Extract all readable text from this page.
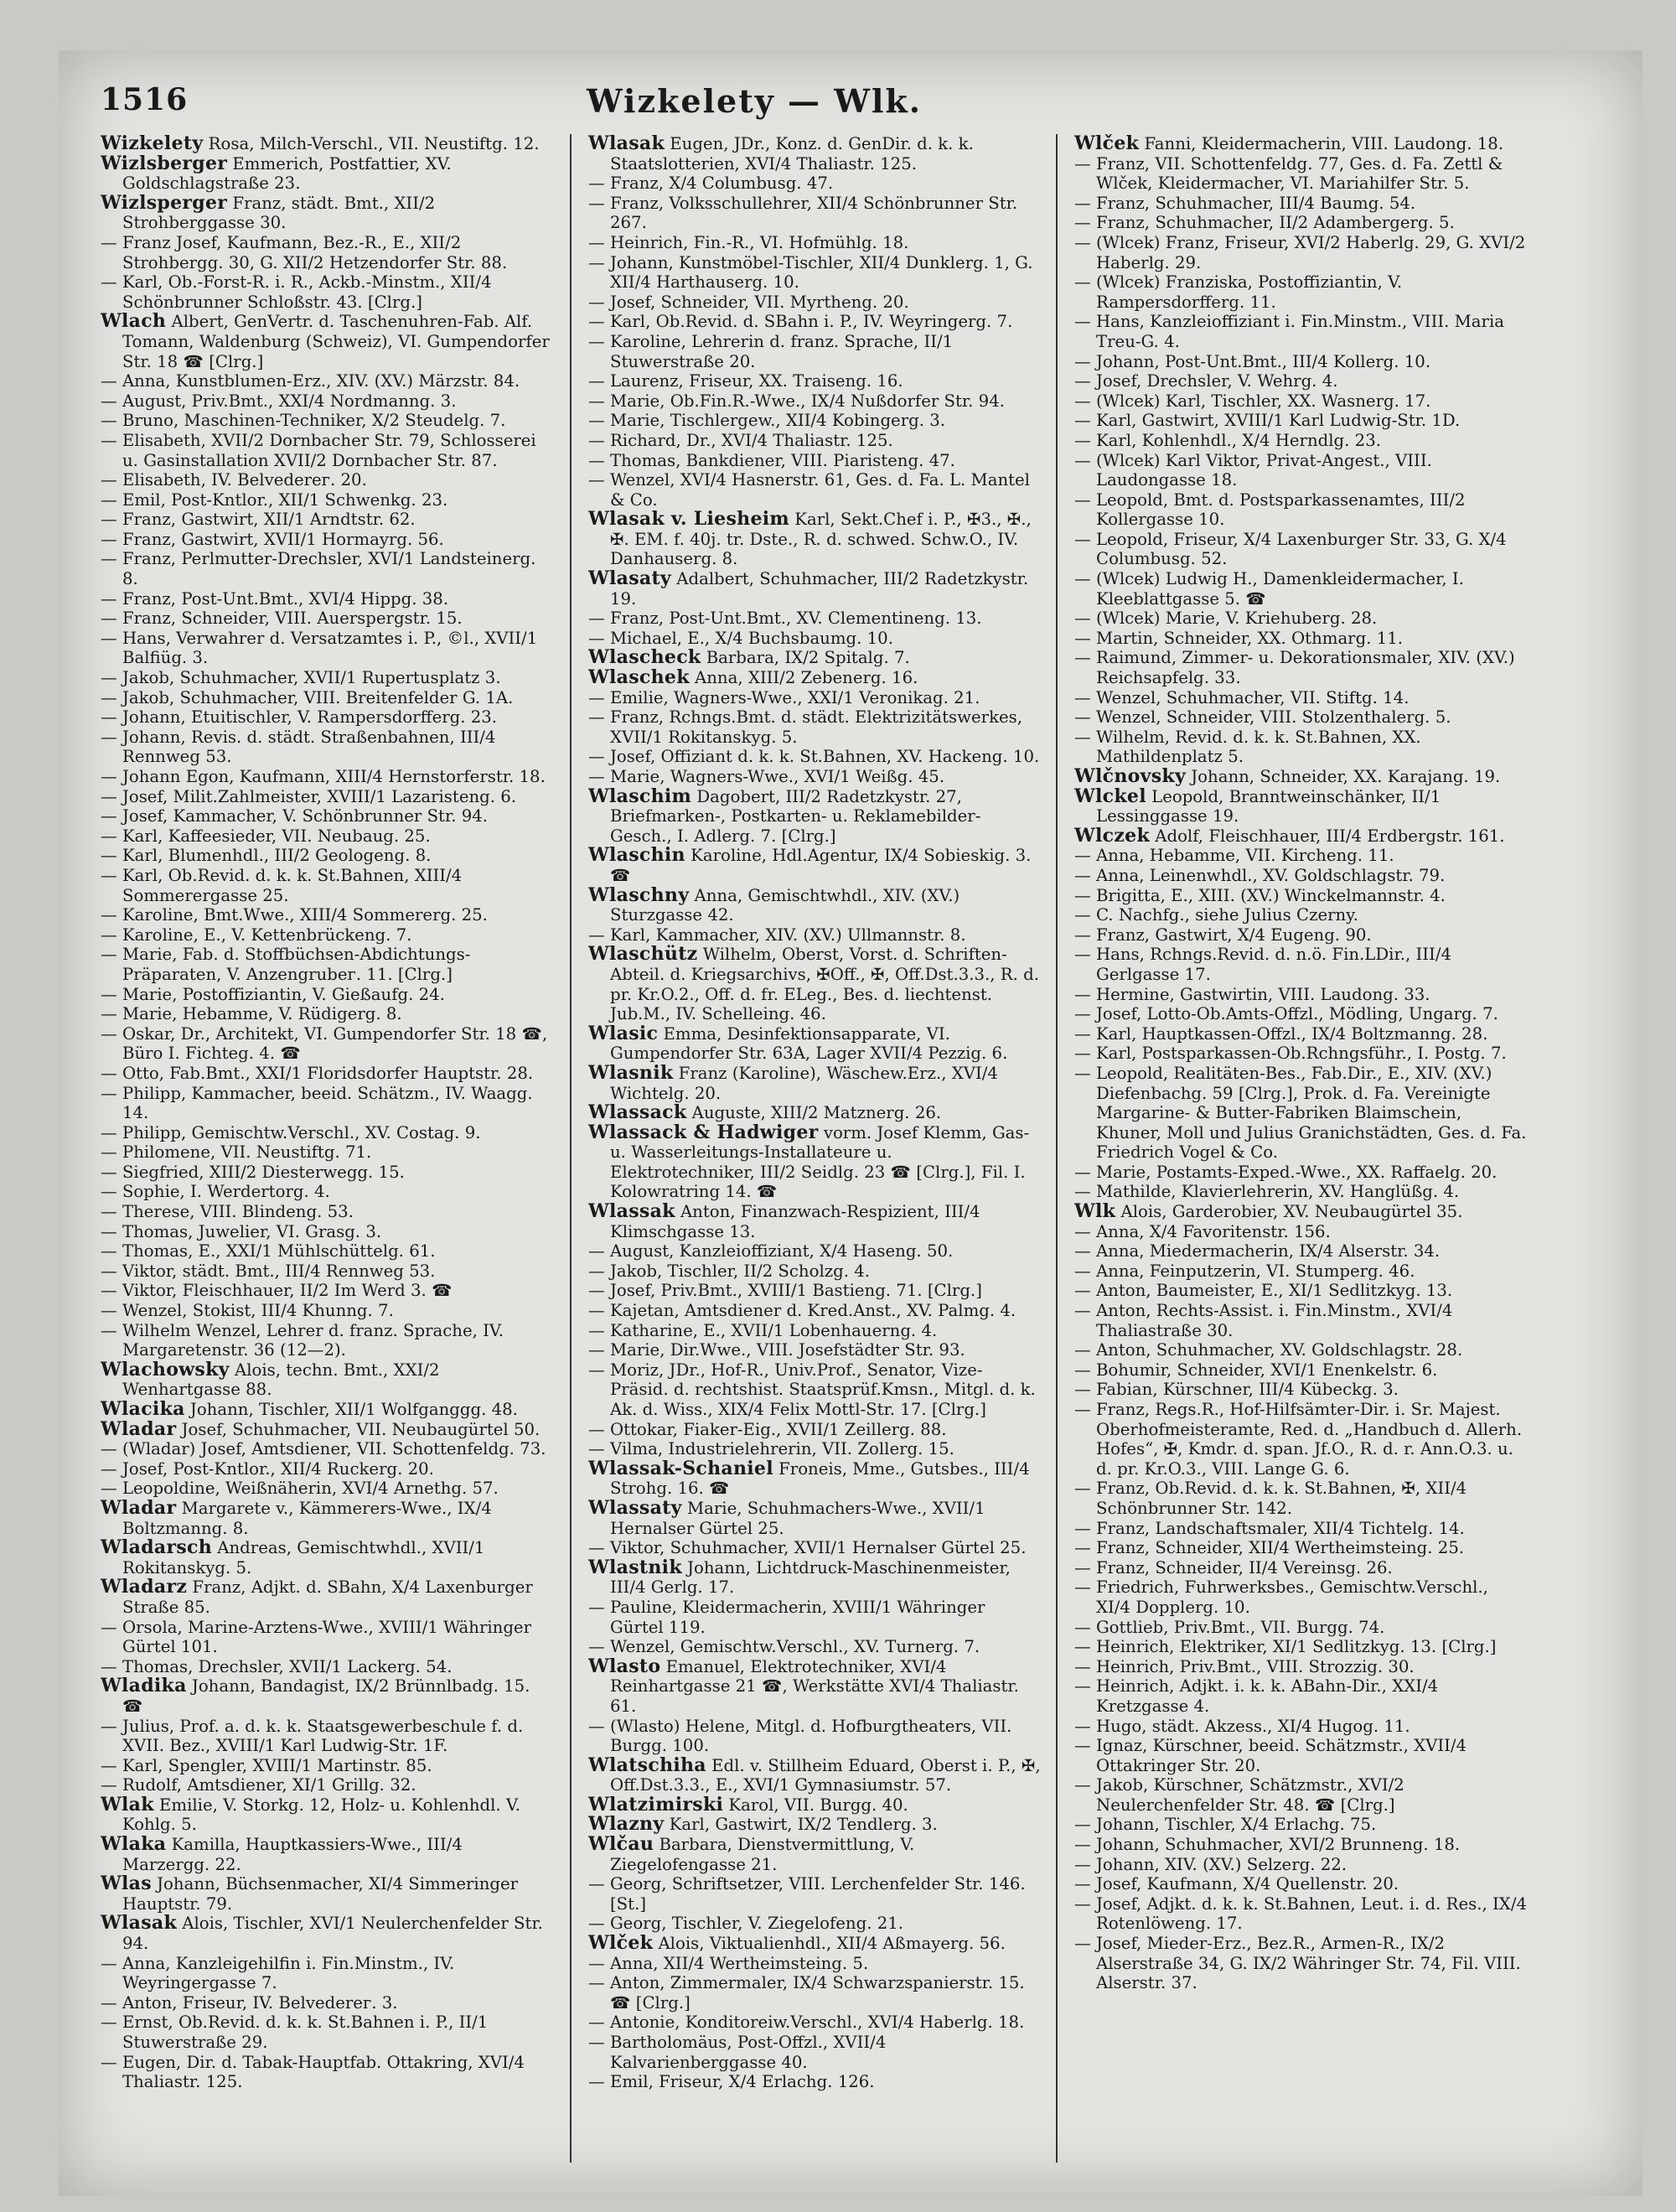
1516	Wizkelety — Wlk.

Wizkelety Rosa, Milch-Verschl., VII. Neustiftg. 12.

Wizlsberger Emmerich, Postfattier, XV. Goldschlagstraße 23.

Wizlsperger Franz, städt. Bmt., XII/2 Strohberggasse 30.

— Franz Josef, Kaufmann, Bez.-R., E., XII/2 Strohbergg. 30, G. XII/2 Hetzendorfer Str. 88.

— Karl, Ob.-Forst-R. i. R., Ackb.-Minstm., XII/4 Schönbrunner Schloßstr. 43. [Clrg.]

Wlach Albert, GenVertr. d. Taschenuhren-Fab. Alf. Tomann, Waldenburg (Schweiz), VI. Gumpendorfer Str. 18 ☎ [Clrg.]

— Anna, Kunstblumen-Erz., XIV. (XV.) Märzstr. 84.

— August, Priv.Bmt., XXI/4 Nordmanng. 3.

— Bruno, Maschinen-Techniker, X/2 Steudelg. 7.

— Elisabeth, XVII/2 Dornbacher Str. 79, Schlosserei u. Gasinstallation XVII/2 Dornbacher Str. 87.

— Elisabeth, IV. Belvederег. 20.

— Emil, Post-Kntlor., XII/1 Schwenkg. 23.

— Franz, Gastwirt, XII/1 Arndtstr. 62.

— Franz, Gastwirt, XVII/1 Hormayrg. 56.

— Franz, Perlmutter-Drechsler, XVI/1 Landsteinerg. 8.

— Franz, Post-Unt.Bmt., XVI/4 Hippg. 38.

— Franz, Schneider, VIII. Auerspergstr. 15.

— Hans, Verwahrer d. Versatzamtes i. P., ©l., XVII/1 Balfiüg. 3.

— Jakob, Schuhmacher, XVII/1 Rupertusplatz 3.

— Jakob, Schuhmacher, VIII. Breitenfelder G. 1A.

— Johann, Etuitischler, V. Rampersdorfferg. 23.

— Johann, Revis. d. städt. Straßenbahnen, III/4 Rennweg 53.

— Johann Egon, Kaufmann, XIII/4 Hernstorferstr. 18.

— Josef, Milit.Zahlmeister, XVIII/1 Lazaristeng. 6.

— Josef, Kammacher, V. Schönbrunner Str. 94.

— Karl, Kaffeesieder, VII. Neubaug. 25.

— Karl, Blumenhdl., III/2 Geologeng. 8.

— Karl, Ob.Revid. d. k. k. St.Bahnen, XIII/4 Sommerergasse 25.

— Karoline, Bmt.Wwe., XIII/4 Sommererg. 25.

— Karoline, E., V. Kettenbrückeng. 7.

— Marie, Fab. d. Stoffbüchsen-Abdichtungs-Präparaten, V. Anzengrubег. 11. [Clrg.]

— Marie, Postoffiziantin, V. Gießaufg. 24.

— Marie, Hebamme, V. Rüdigerg. 8.

— Oskar, Dr., Architekt, VI. Gumpendorfer Str. 18 ☎, Büro I. Fichteg. 4. ☎

— Otto, Fab.Bmt., XXI/1 Floridsdorfer Hauptstr. 28.

— Philipp, Kammacher, beeid. Schätzm., IV. Waagg. 14.

— Philipp, Gemischtw.Verschl., XV. Costag. 9.

— Philomene, VII. Neustiftg. 71.

— Siegfried, XIII/2 Diesterwegg. 15.

— Sophie, I. Werdertorg. 4.

— Therese, VIII. Blindeng. 53.

— Thomas, Juwelier, VI. Grasg. 3.

— Thomas, E., XXI/1 Mühlschüttelg. 61.

— Viktor, städt. Bmt., III/4 Rennweg 53.

— Viktor, Fleischhauer, II/2 Im Werd 3. ☎

— Wenzel, Stokist, III/4 Khunng. 7.

— Wilhelm Wenzel, Lehrer d. franz. Sprache, IV. Margaretenstr. 36 (12—2).

Wlachowsky Alois, techn. Bmt., XXI/2 Wenhartgasse 88.

Wlacika Johann, Tischler, XII/1 Wolfganggg. 48.

Wladar Josef, Schuhmacher, VII. Neubaugürtel 50.

— (Wladar) Josef, Amtsdiener, VII. Schottenfeldg. 73.

— Josef, Post-Kntlor., XII/4 Ruckerg. 20.

— Leopoldine, Weißnäherin, XVI/4 Arnethg. 57.

Wladar Margarete v., Kämmerers-Wwe., IX/4 Boltzmanng. 8.

Wladarsch Andreas, Gemischtwhdl., XVII/1 Rokitanskyg. 5.

Wladarz Franz, Adjkt. d. SBahn, X/4 Laxenburger Straße 85.

— Orsola, Marine-Arztens-Wwe., XVIII/1 Währinger Gürtel 101.

— Thomas, Drechsler, XVII/1 Lackerg. 54.

Wladika Johann, Bandagist, IX/2 Brünnlbadg. 15. ☎

— Julius, Prof. a. d. k. k. Staatsgewerbeschule f. d. XVII. Bez., XVIII/1 Karl Ludwig-Str. 1F.

— Karl, Spengler, XVIII/1 Martinstr. 85.

— Rudolf, Amtsdiener, XI/1 Grillg. 32.

Wlak Emilie, V. Storkg. 12, Holz- u. Kohlenhdl. V. Kohlg. 5.

Wlaka Kamilla, Hauptkassiers-Wwe., III/4 Marzergg. 22.

Wlas Johann, Büchsenmacher, XI/4 Simmeringer Hauptstr. 79.

Wlasak Alois, Tischler, XVI/1 Neulerchenfelder Str. 94.

— Anna, Kanzleigehilfin i. Fin.Minstm., IV. Weyringergasse 7.

— Anton, Friseur, IV. Belvederег. 3.

— Ernst, Ob.Revid. d. k. k. St.Bahnen i. P., II/1 Stuwerstraße 29.

— Eugen, Dir. d. Tabak-Hauptfab. Ottakring, XVI/4 Thaliastr. 125.

Wlasak Eugen, JDr., Konz. d. GenDir. d. k. k. Staatslotterien, XVI/4 Thaliastr. 125.

— Franz, X/4 Columbusg. 47.

— Franz, Volksschullehrer, XII/4 Schönbrunner Str. 267.

— Heinrich, Fin.-R., VI. Hofmühlg. 18.

— Johann, Kunstmöbel-Tischler, XII/4 Dunklerg. 1, G. XII/4 Harthauserg. 10.

— Josef, Schneider, VII. Myrtheng. 20.

— Karl, Ob.Revid. d. SBahn i. P., IV. Weyringerg. 7.

— Karoline, Lehrerin d. franz. Sprache, II/1 Stuwerstraße 20.

— Laurenz, Friseur, XX. Traiseng. 16.

— Marie, Ob.Fin.R.-Wwe., IX/4 Nußdorfer Str. 94.

— Marie, Tischlergew., XII/4 Kobingerg. 3.

— Richard, Dr., XVI/4 Thaliastr. 125.

— Thomas, Bankdiener, VIII. Piaristeng. 47.

— Wenzel, XVI/4 Hasnerstr. 61, Ges. d. Fa. L. Mantel & Co.

Wlasak v. Liesheim Karl, Sekt.Chef i. P., ✠3., ✠., ✠. EM. f. 40j. tr. Dste., R. d. schwed. Schw.O., IV. Danhauserg. 8.

Wlasaty Adalbert, Schuhmacher, III/2 Radetzkystr. 19.

— Franz, Post-Unt.Bmt., XV. Clementineng. 13.

— Michael, E., X/4 Buchsbaumg. 10.

Wlascheck Barbara, IX/2 Spitalg. 7.

Wlaschek Anna, XIII/2 Zebenerg. 16.

— Emilie, Wagners-Wwe., XXI/1 Veronikag. 21.

— Franz, Rchngs.Bmt. d. städt. Elektrizitätswerkes, XVII/1 Rokitanskyg. 5.

— Josef, Offiziant d. k. k. St.Bahnen, XV. Hackeng. 10.

— Marie, Wagners-Wwe., XVI/1 Weißg. 45.

Wlaschim Dagobert, III/2 Radetzkystr. 27, Briefmarken-, Postkarten- u. Reklamebilder-Gesch., I. Adlerg. 7. [Clrg.]

Wlaschin Karoline, Hdl.Agentur, IX/4 Sobieskig. 3. ☎

Wlaschny Anna, Gemischtwhdl., XIV. (XV.) Sturzgasse 42.

— Karl, Kammacher, XIV. (XV.) Ullmannstr. 8.

Wlaschütz Wilhelm, Oberst, Vorst. d. Schriften-Abteil. d. Kriegsarchivs, ✠Off., ✠, Off.Dst.3.3., R. d. pr. Kr.O.2., Off. d. fr. ELeg., Bes. d. liechtenst. Jub.M., IV. Schelleing. 46.

Wlasic Emma, Desinfektionsapparate, VI. Gumpendorfer Str. 63A, Lager XVII/4 Pezzig. 6.

Wlasnik Franz (Karoline), Wäschew.Erz., XVI/4 Wichtelg. 20.

Wlassack Auguste, XIII/2 Matznerg. 26.

Wlassack & Hadwiger vorm. Josef Klemm, Gas- u. Wasserleitungs-Installateure u. Elektrotechniker, III/2 Seidlg. 23 ☎ [Clrg.], Fil. I. Kolowratring 14. ☎

Wlassak Anton, Finanzwach-Respizient, III/4 Klimschgasse 13.

— August, Kanzleioffiziant, X/4 Haseng. 50.

— Jakob, Tischler, II/2 Scholzg. 4.

— Josef, Priv.Bmt., XVIII/1 Bastieng. 71. [Clrg.]

— Kajetan, Amtsdiener d. Kred.Anst., XV. Palmg. 4.

— Katharine, E., XVII/1 Lobenhauerng. 4.

— Marie, Dir.Wwe., VIII. Josefstädter Str. 93.

— Moriz, JDr., Hof-R., Univ.Prof., Senator, Vize-Präsid. d. rechtshist. Staatsprüf.Kmsn., Mitgl. d. k. Ak. d. Wiss., XIX/4 Felix Mottl-Str. 17. [Clrg.]

— Ottokar, Fiaker-Eig., XVII/1 Zeillerg. 88.

— Vilma, Industrielehrerin, VII. Zollerg. 15.

Wlassak-Schaniel Froneis, Mme., Gutsbes., III/4 Strohg. 16. ☎

Wlassaty Marie, Schuhmachers-Wwe., XVII/1 Hernalser Gürtel 25.

— Viktor, Schuhmacher, XVII/1 Hernalser Gürtel 25.

Wlastnik Johann, Lichtdruck-Maschinenmeister, III/4 Gerlg. 17.

— Pauline, Kleidermacherin, XVIII/1 Währinger Gürtel 119.

— Wenzel, Gemischtw.Verschl., XV. Turnerg. 7.

Wlasto Emanuel, Elektrotechniker, XVI/4 Reinhartgasse 21 ☎, Werkstätte XVI/4 Thaliastr. 61.

— (Wlasto) Helene, Mitgl. d. Hofburgtheaters, VII. Burgg. 100.

Wlatschiha Edl. v. Stillheim Eduard, Oberst i. P., ✠, Off.Dst.3.3., E., XVI/1 Gymnasiumstr. 57.

Wlatzimirski Karol, VII. Burgg. 40.

Wlazny Karl, Gastwirt, IX/2 Tendlerg. 3.

Wlčau Barbara, Dienstvermittlung, V. Ziegelofengasse 21.

— Georg, Schriftsetzer, VIII. Lerchenfelder Str. 146. [St.]

— Georg, Tischler, V. Ziegelofeng. 21.

Wlček Alois, Viktualienhdl., XII/4 Aßmayerg. 56.

— Anna, XII/4 Wertheimsteing. 5.

— Anton, Zimmermaler, IX/4 Schwarzspanierstr. 15. ☎ [Clrg.]

— Antonie, Konditoreiw.Verschl., XVI/4 Haberlg. 18.

— Bartholomäus, Post-Offzl., XVII/4 Kalvarienberggasse 40.

— Emil, Friseur, X/4 Erlachg. 126.

Wlček Fanni, Kleidermacherin, VIII. Laudong. 18.

— Franz, VII. Schottenfeldg. 77, Ges. d. Fa. Zettl & Wlček, Kleidermacher, VI. Mariahilfer Str. 5.

— Franz, Schuhmacher, III/4 Baumg. 54.

— Franz, Schuhmacher, II/2 Adambergerg. 5.

— (Wlcek) Franz, Friseur, XVI/2 Haberlg. 29, G. XVI/2 Haberlg. 29.

— (Wlcek) Franziska, Postoffiziantin, V. Rampersdorfferg. 11.

— Hans, Kanzleioffiziant i. Fin.Minstm., VIII. Maria Treu-G. 4.

— Johann, Post-Unt.Bmt., III/4 Kollerg. 10.

— Josef, Drechsler, V. Wehrg. 4.

— (Wlcek) Karl, Tischler, XX. Wasnerg. 17.

— Karl, Gastwirt, XVIII/1 Karl Ludwig-Str. 1D.

— Karl, Kohlenhdl., X/4 Herndlg. 23.

— (Wlcek) Karl Viktor, Privat-Angest., VIII. Laudongasse 18.

— Leopold, Bmt. d. Postsparkassenamtes, III/2 Kollergasse 10.

— Leopold, Friseur, X/4 Laxenburger Str. 33, G. X/4 Columbusg. 52.

— (Wlcek) Ludwig H., Damenkleidermacher, I. Kleeblattgasse 5. ☎

— (Wlcek) Marie, V. Kriehuberg. 28.

— Martin, Schneider, XX. Othmarg. 11.

— Raimund, Zimmer- u. Dekorationsmaler, XIV. (XV.) Reichsapfelg. 33.

— Wenzel, Schuhmacher, VII. Stiftg. 14.

— Wenzel, Schneider, VIII. Stolzenthalerg. 5.

— Wilhelm, Revid. d. k. k. St.Bahnen, XX. Mathildenplatz 5.

Wlčnovsky Johann, Schneider, XX. Karajang. 19.

Wlckel Leopold, Branntweinschänker, II/1 Lessinggasse 19.

Wlczek Adolf, Fleischhauer, III/4 Erdbergstr. 161.

— Anna, Hebamme, VII. Kircheng. 11.

— Anna, Leinenwhdl., XV. Goldschlagstr. 79.

— Brigitta, E., XIII. (XV.) Winckelmannstr. 4.

— C. Nachfg., siehe Julius Czerny.

— Franz, Gastwirt, X/4 Eugeng. 90.

— Hans, Rchngs.Revid. d. n.ö. Fin.LDir., III/4 Gerlgasse 17.

— Hermine, Gastwirtin, VIII. Laudong. 33.

— Josef, Lotto-Ob.Amts-Offzl., Mödling, Ungarg. 7.

— Karl, Hauptkassen-Offzl., IX/4 Boltzmanng. 28.

— Karl, Postsparkassen-Ob.Rchngsführ., I. Postg. 7.

— Leopold, Realitäten-Bes., Fab.Dir., E., XIV. (XV.) Diefenbachg. 59 [Clrg.], Prok. d. Fa. Vereinigte Margarine- & Butter-Fabriken Blaimschein, Khuner, Moll und Julius Granichstädten, Ges. d. Fa. Friedrich Vogel & Co.

— Marie, Postamts-Exped.-Wwe., XX. Raffaelg. 20.

— Mathilde, Klavierlehrerin, XV. Hanglüßg. 4.

Wlk Alois, Garderobier, XV. Neubaugürtel 35.

— Anna, X/4 Favoritenstr. 156.

— Anna, Miedermacherin, IX/4 Alserstr. 34.

— Anna, Feinputzerin, VI. Stumperg. 46.

— Anton, Baumeister, E., XI/1 Sedlitzkyg. 13.

— Anton, Rechts-Assist. i. Fin.Minstm., XVI/4 Thaliastraße 30.

— Anton, Schuhmacher, XV. Goldschlagstr. 28.

— Bohumir, Schneider, XVI/1 Enenkelstr. 6.

— Fabian, Kürschner, III/4 Kübeckg. 3.

— Franz, Regs.R., Hof-Hilfsämter-Dir. i. Sr. Majest. Oberhofmeisteramte, Red. d. „Handbuch d. Allerh. Hofes“, ✠, Kmdr. d. span. Jf.O., R. d. r. Ann.O.3. u. d. pr. Kr.O.3., VIII. Lange G. 6.

— Franz, Ob.Revid. d. k. k. St.Bahnen, ✠, XII/4 Schönbrunner Str. 142.

— Franz, Landschaftsmaler, XII/4 Tichtelg. 14.

— Franz, Schneider, XII/4 Wertheimsteing. 25.

— Franz, Schneider, II/4 Vereinsg. 26.

— Friedrich, Fuhrwerksbes., Gemischtw.Verschl., XI/4 Dopplerg. 10.

— Gottlieb, Priv.Bmt., VII. Burgg. 74.

— Heinrich, Elektriker, XI/1 Sedlitzkyg. 13. [Clrg.]

— Heinrich, Priv.Bmt., VIII. Strozzig. 30.

— Heinrich, Adjkt. i. k. k. ABahn-Dir., XXI/4 Kretzgasse 4.

— Hugo, städt. Akzess., XI/4 Hugog. 11.

— Ignaz, Kürschner, beeid. Schätzmstr., XVII/4 Ottakringer Str. 20.

— Jakob, Kürschner, Schätzmstr., XVI/2 Neulerchenfelder Str. 48. ☎ [Clrg.]

— Johann, Tischler, X/4 Erlachg. 75.

— Johann, Schuhmacher, XVI/2 Brunneng. 18.

— Johann, XIV. (XV.) Selzerg. 22.

— Josef, Kaufmann, X/4 Quellenstr. 20.

— Josef, Adjkt. d. k. k. St.Bahnen, Leut. i. d. Res., IX/4 Rotenlöweng. 17.

— Josef, Mieder-Erz., Bez.R., Armen-R., IX/2 Alserstraße 34, G. IX/2 Währinger Str. 74, Fil. VIII. Alserstr. 37.
